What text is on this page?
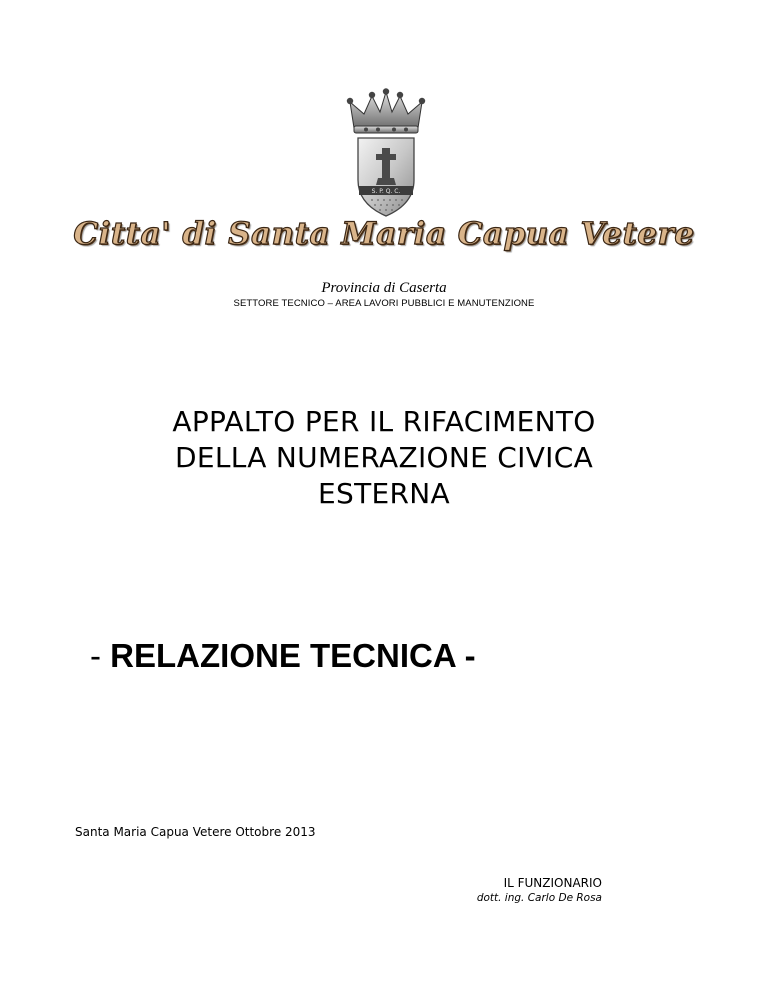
S. P. Q. C.
Citta' di Santa Maria Capua Vetere
Provincia di Caserta
SETTORE TECNICO – AREA LAVORI PUBBLICI E MANUTENZIONE
APPALTO PER IL RIFACIMENTO
DELLA NUMERAZIONE CIVICA
ESTERNA
- RELAZIONE TECNICA -
Santa Maria Capua Vetere Ottobre 2013
IL FUNZIONARIO
dott. ing. Carlo De Rosa
